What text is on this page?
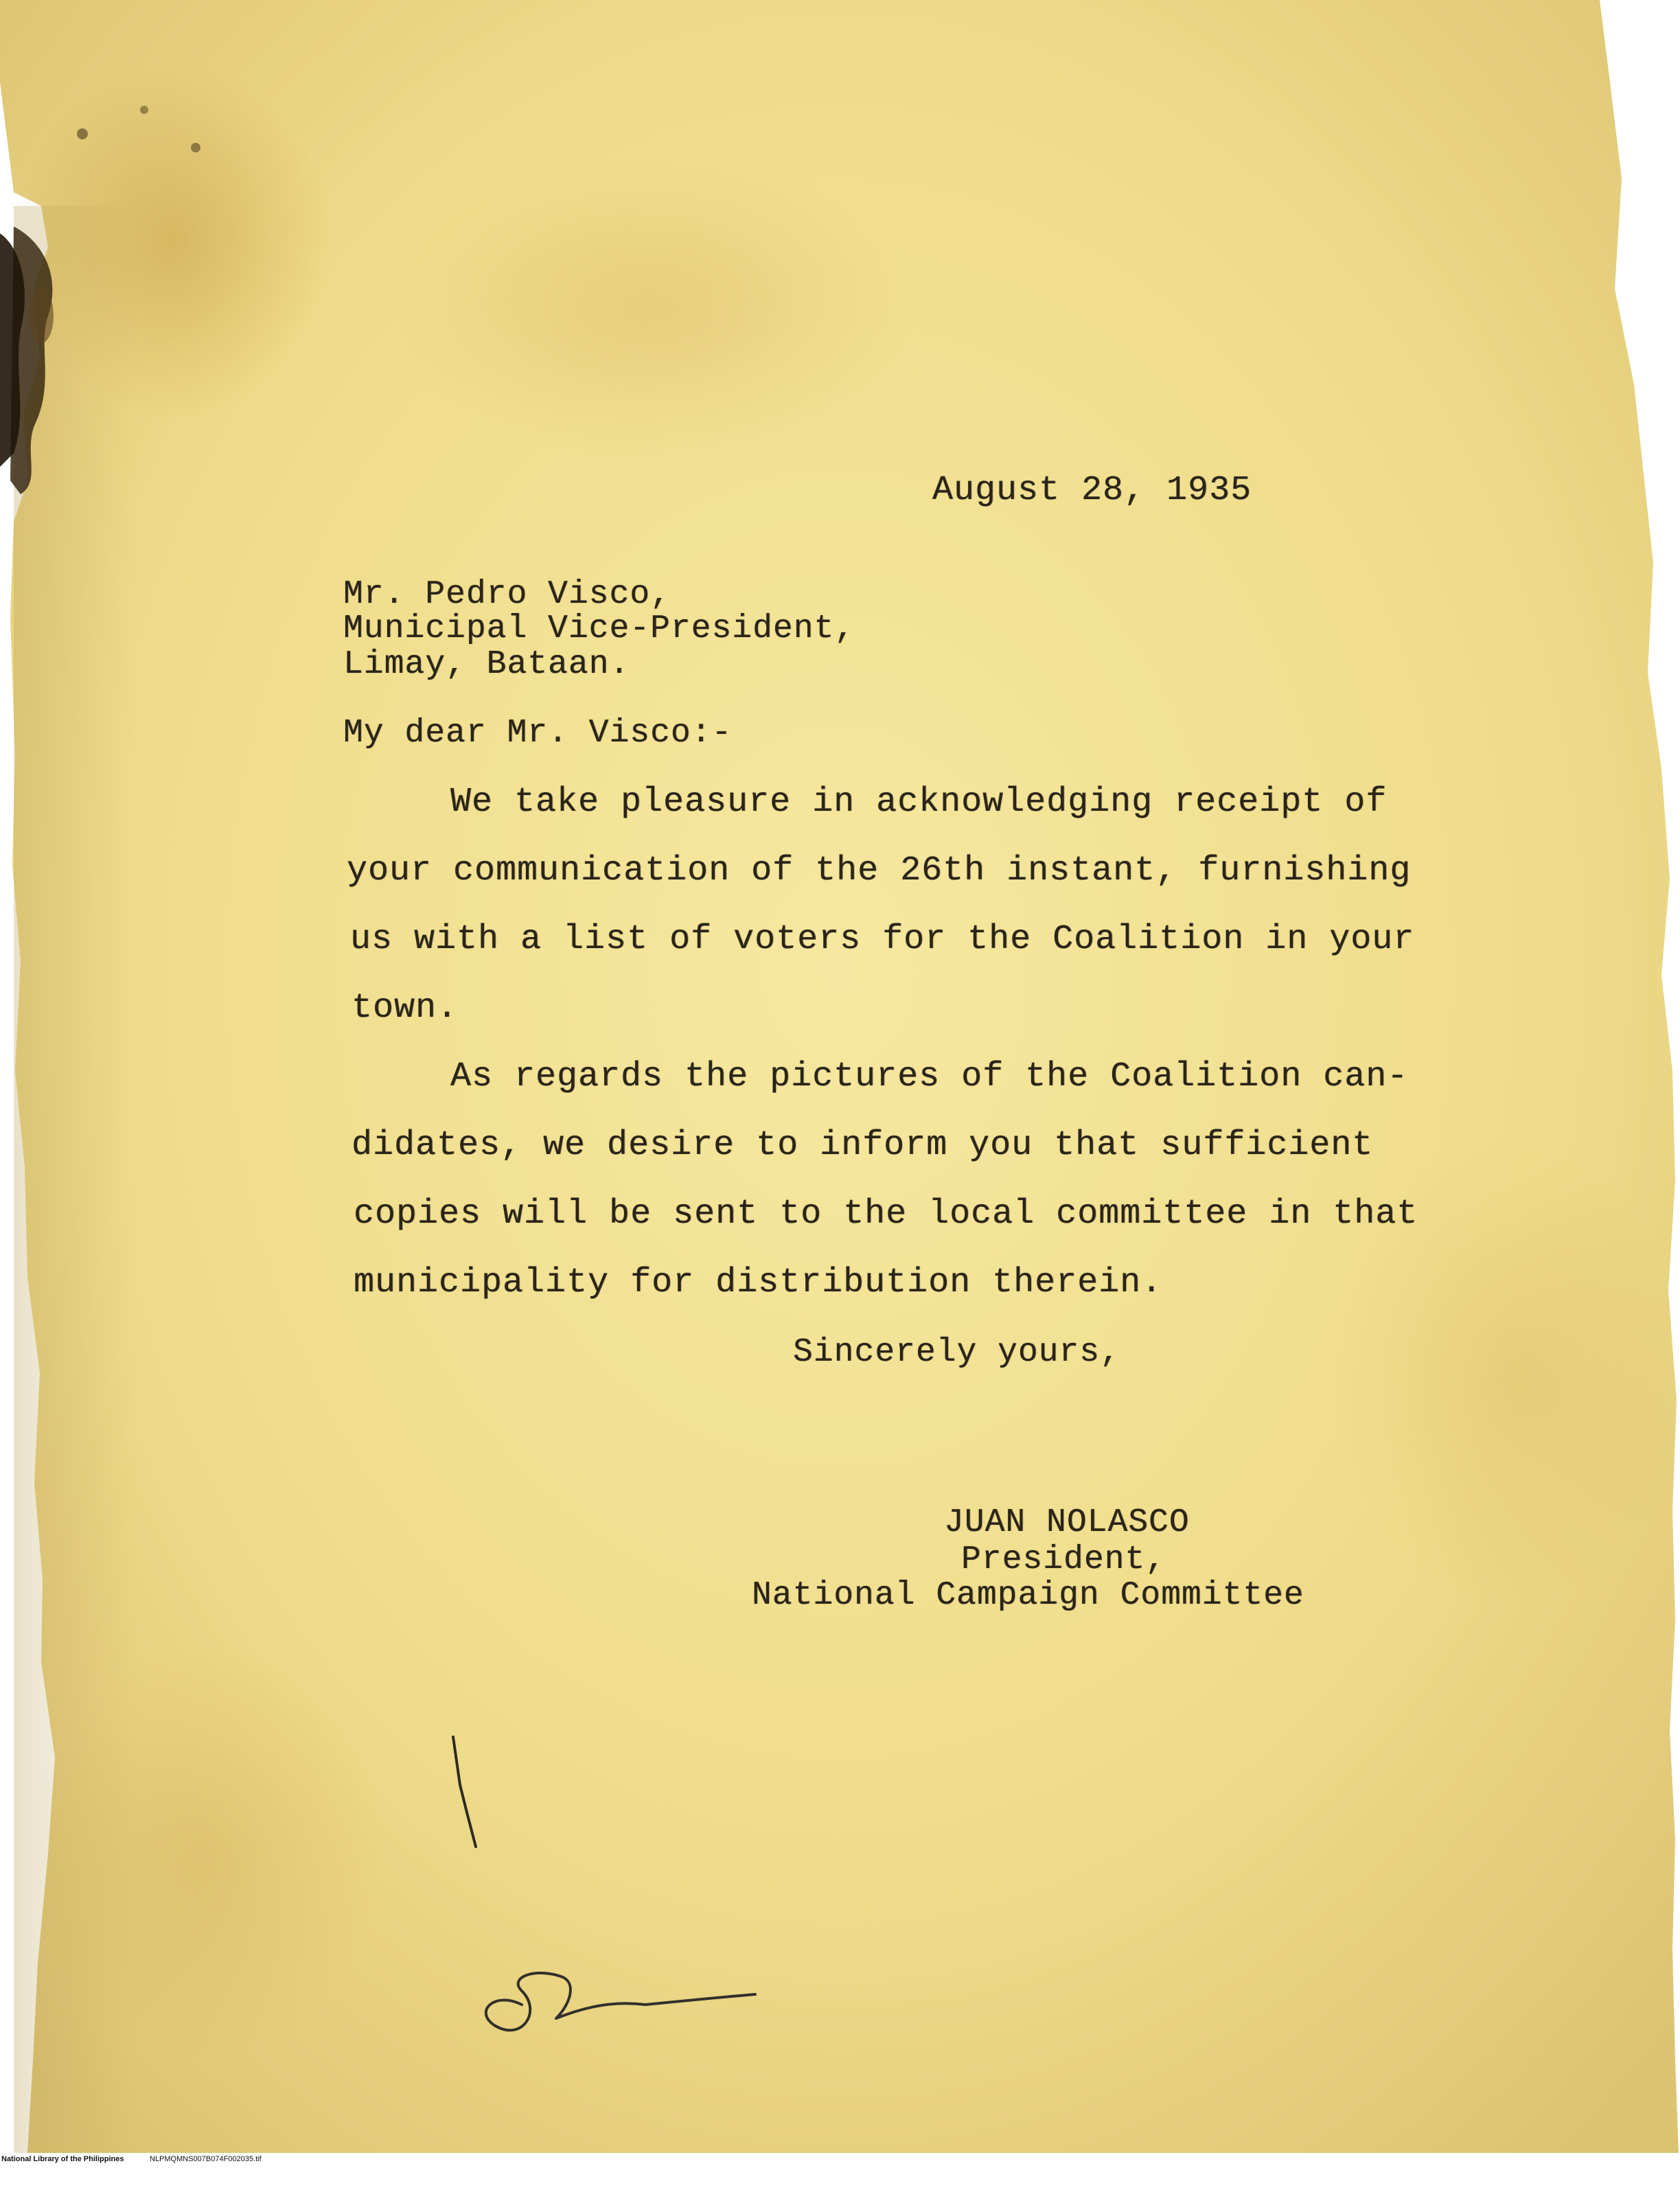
August 28, 1935
Mr. Pedro Visco,
Municipal Vice-President,
Limay, Bataan.
My dear Mr. Visco:-
We take pleasure in acknowledging receipt of
your communication of the 26th instant, furnishing
us with a list of voters for the Coalition in your
town.
As regards the pictures of the Coalition can-
didates, we desire to inform you that sufficient
copies will be sent to the local committee in that
municipality for distribution therein.
Sincerely yours,
JUAN NOLASCO
President,
National Campaign Committee

National Library of the Philippines

	NLPMQMNS007B074F002035.tif
